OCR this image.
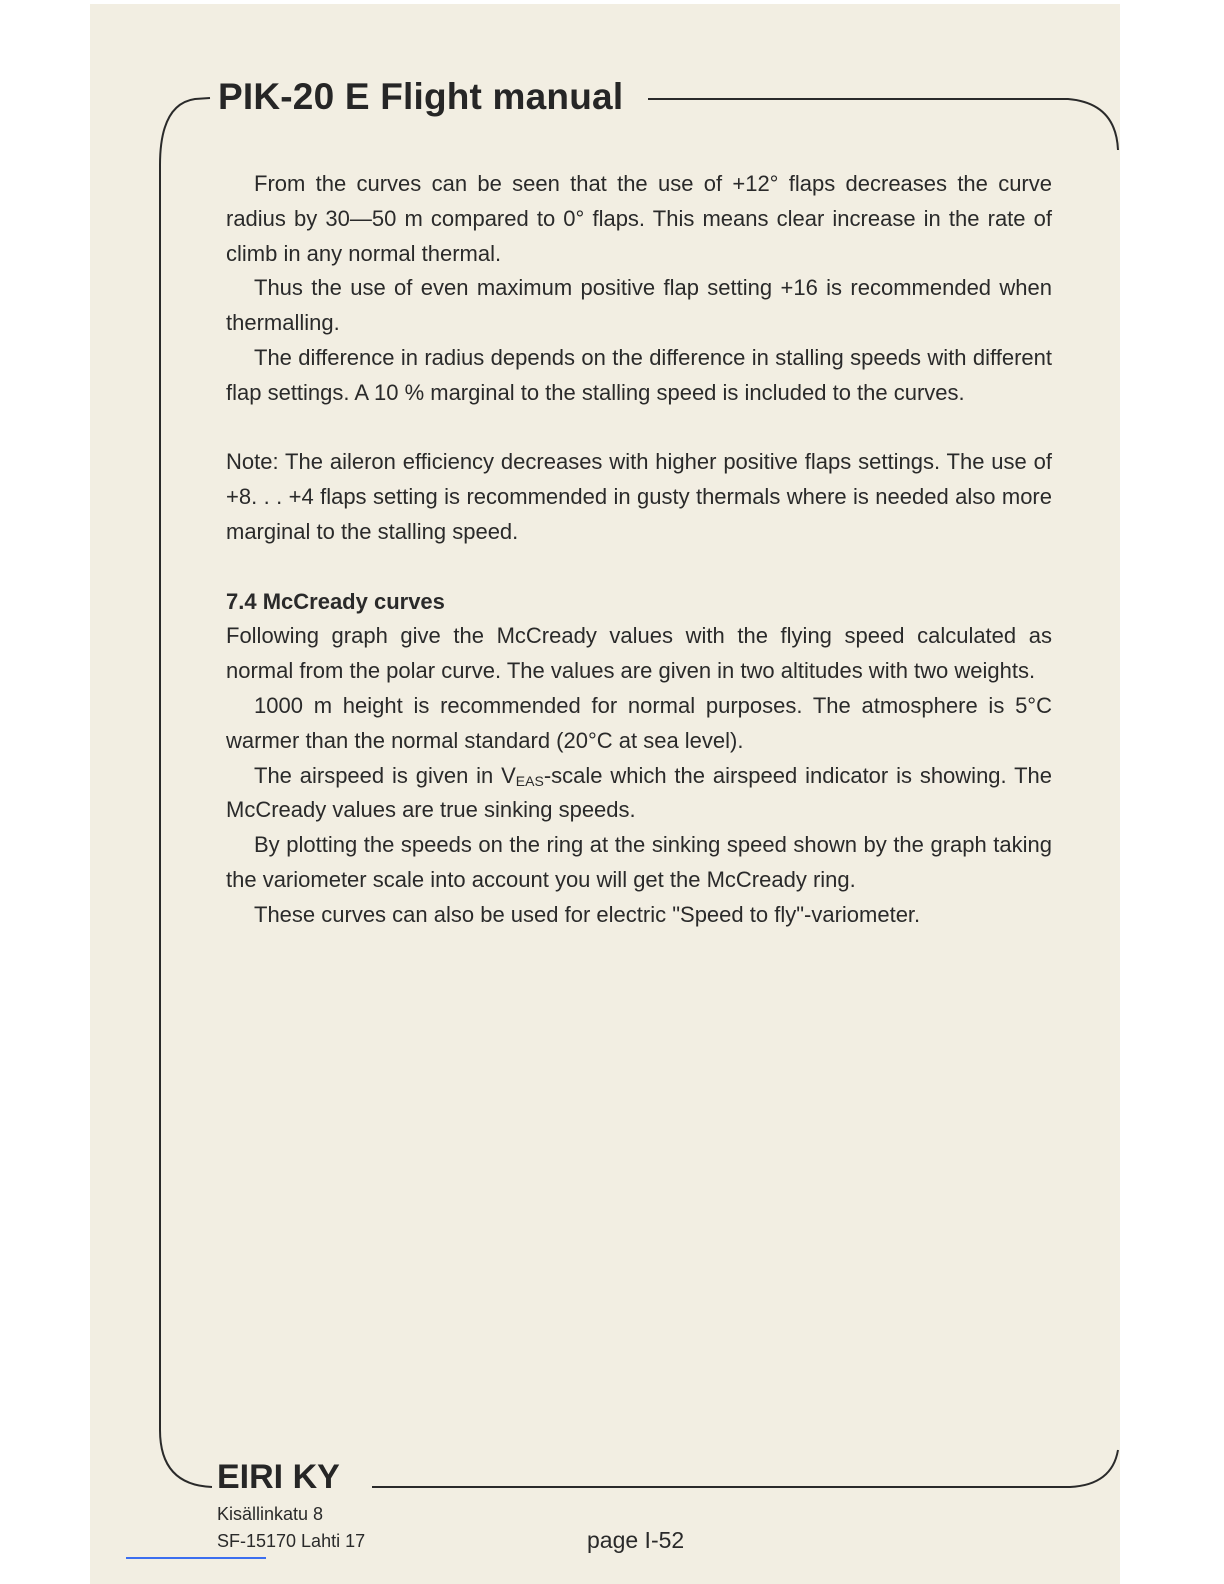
PIK-20 E Flight manual

From the curves can be seen that the use of +12° flaps decreases the curve radius by 30—50 m compared to 0° flaps. This means clear increase in the rate of climb in any normal thermal.

Thus the use of even maximum positive flap setting +16 is recommended when thermalling.

The difference in radius depends on the difference in stalling speeds with different flap settings. A 10 % marginal to the stalling speed is included to the curves.

Note: The aileron efficiency decreases with higher positive flaps settings. The use of +8. . . +4 flaps setting is recommended in gusty thermals where is needed also more marginal to the stalling speed.

7.4 McCready curves

Following graph give the McCready values with the flying speed calculated as normal from the polar curve. The values are given in two altitudes with two weights.

1000 m height is recommended for normal purposes. The atmosphere is 5°C warmer than the normal standard (20°C at sea level).

The airspeed is given in $V_{EAS}$-scale which the airspeed indicator is showing. The McCready values are true sinking speeds.

By plotting the speeds on the ring at the sinking speed shown by the graph taking the variometer scale into account you will get the McCready ring.

These curves can also be used for electric "Speed to fly"-variometer.

EIRI KY
Kisällinkatu 8
SF-15170 Lahti 17	page I-52
